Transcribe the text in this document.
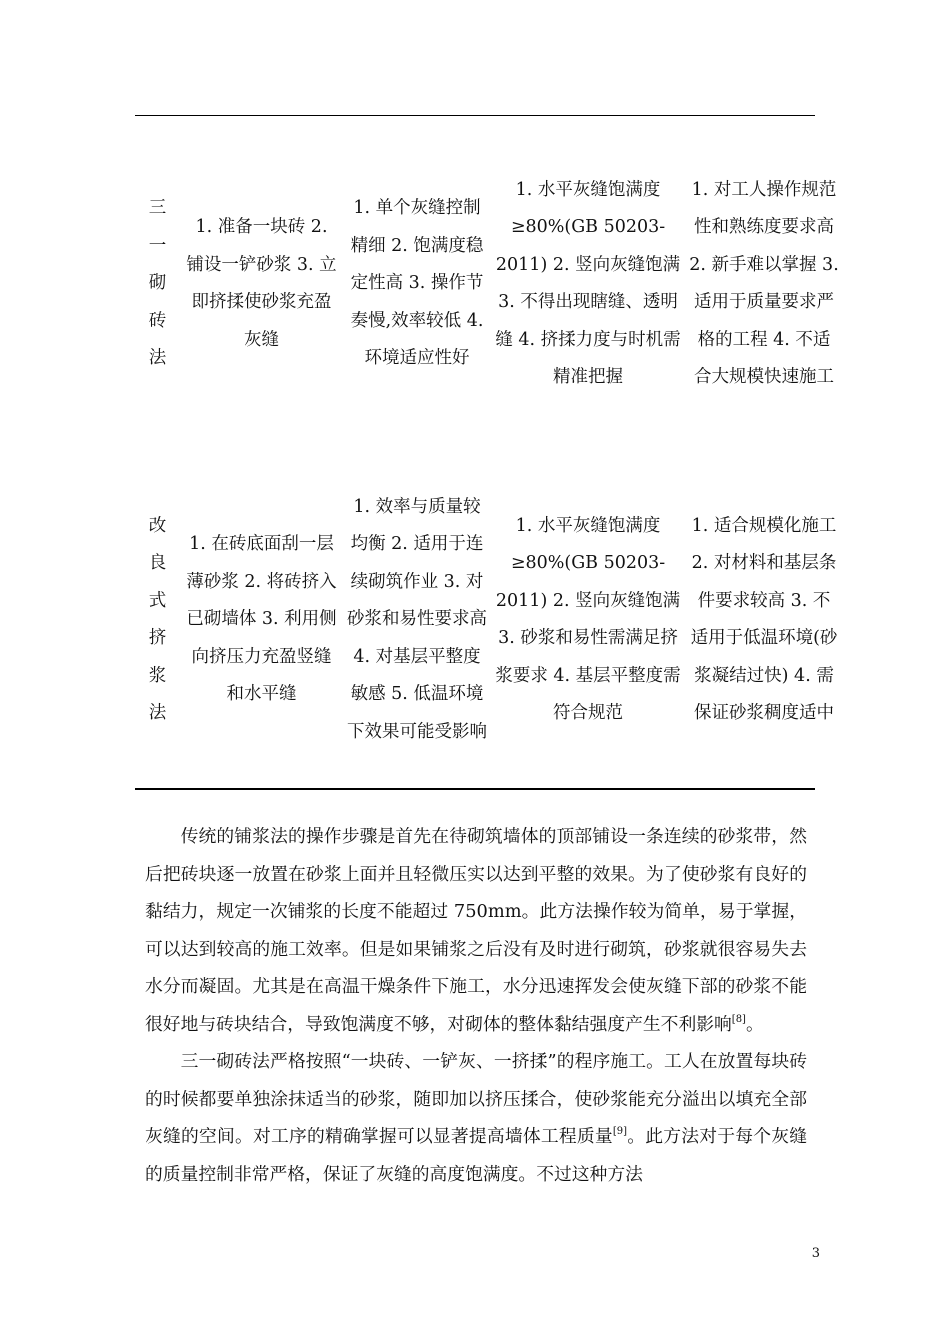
三一砌砖法	1. 准备一块砖 2. 铺设一铲砂浆 3. 立即挤揉使砂浆充盈灰缝	1. 单个灰缝控制精细 2. 饱满度稳定性高 3. 操作节奏慢,效率较低 4. 环境适应性好	1. 水平灰缝饱满度≥80%(GB 50203-2011) 2. 竖向灰缝饱满 3. 不得出现瞎缝、透明缝 4. 挤揉力度与时机需精准把握	1. 对工人操作规范性和熟练度要求高 2. 新手难以掌握 3. 适用于质量要求严格的工程 4. 不适合大规模快速施工
改良式挤浆法	1. 在砖底面刮一层薄砂浆 2. 将砖挤入已砌墙体 3. 利用侧向挤压力充盈竖缝和水平缝	1. 效率与质量较均衡 2. 适用于连续砌筑作业 3. 对砂浆和易性要求高 4. 对基层平整度敏感 5. 低温环境下效果可能受影响	1. 水平灰缝饱满度≥80%(GB 50203-2011) 2. 竖向灰缝饱满 3. 砂浆和易性需满足挤浆要求 4. 基层平整度需符合规范	1. 适合规模化施工 2. 对材料和基层条件要求较高 3. 不适用于低温环境(砂浆凝结过快) 4. 需保证砂浆稠度适中

传统的铺浆法的操作步骤是首先在待砌筑墙体的顶部铺设一条连续的砂浆带，然后把砖块逐一放置在砂浆上面并且轻微压实以达到平整的效果。为了使砂浆有良好的黏结力，规定一次铺浆的长度不能超过 750mm。此方法操作较为简单，易于掌握，可以达到较高的施工效率。但是如果铺浆之后没有及时进行砌筑，砂浆就很容易失去水分而凝固。尤其是在高温干燥条件下施工，水分迅速挥发会使灰缝下部的砂浆不能很好地与砖块结合，导致饱满度不够，对砌体的整体黏结强度产生不利影响[8]。

三一砌砖法严格按照“一块砖、一铲灰、一挤揉”的程序施工。工人在放置每块砖的时候都要单独涂抹适当的砂浆，随即加以挤压揉合，使砂浆能充分溢出以填充全部灰缝的空间。对工序的精确掌握可以显著提高墙体工程质量[9]。此方法对于每个灰缝的质量控制非常严格，保证了灰缝的高度饱满度。不过这种方法

3
